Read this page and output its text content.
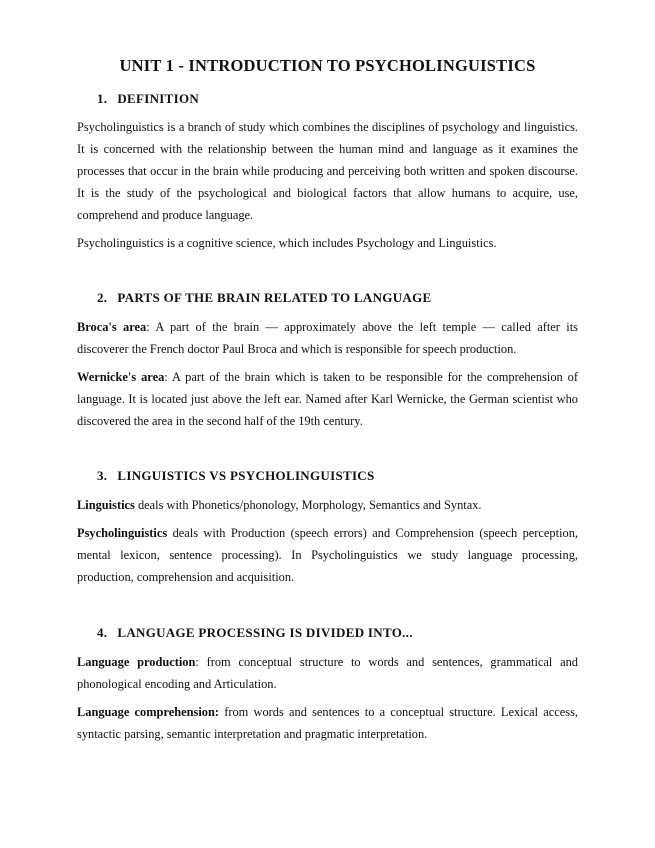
UNIT 1 - INTRODUCTION TO PSYCHOLINGUISTICS
1. DEFINITION

Psycholinguistics is a branch of study which combines the disciplines of psychology and linguistics. It is concerned with the relationship between the human mind and language as it examines the processes that occur in the brain while producing and perceiving both written and spoken discourse. It is the study of the psychological and biological factors that allow humans to acquire, use, comprehend and produce language.

Psycholinguistics is a cognitive science, which includes Psychology and Linguistics.

2. PARTS OF THE BRAIN RELATED TO LANGUAGE

Broca's area: A part of the brain — approximately above the left temple — called after its discoverer the French doctor Paul Broca and which is responsible for speech production.

Wernicke's area: A part of the brain which is taken to be responsible for the comprehension of language. It is located just above the left ear. Named after Karl Wernicke, the German scientist who discovered the area in the second half of the 19th century.

3. LINGUISTICS VS PSYCHOLINGUISTICS

Linguistics deals with Phonetics/phonology, Morphology, Semantics and Syntax.

Psycholinguistics deals with Production (speech errors) and Comprehension (speech perception, mental lexicon, sentence processing). In Psycholinguistics we study language processing, production, comprehension and acquisition.

4. LANGUAGE PROCESSING IS DIVIDED INTO...

Language production: from conceptual structure to words and sentences, grammatical and phonological encoding and Articulation.

Language comprehension: from words and sentences to a conceptual structure. Lexical access, syntactic parsing, semantic interpretation and pragmatic interpretation.
